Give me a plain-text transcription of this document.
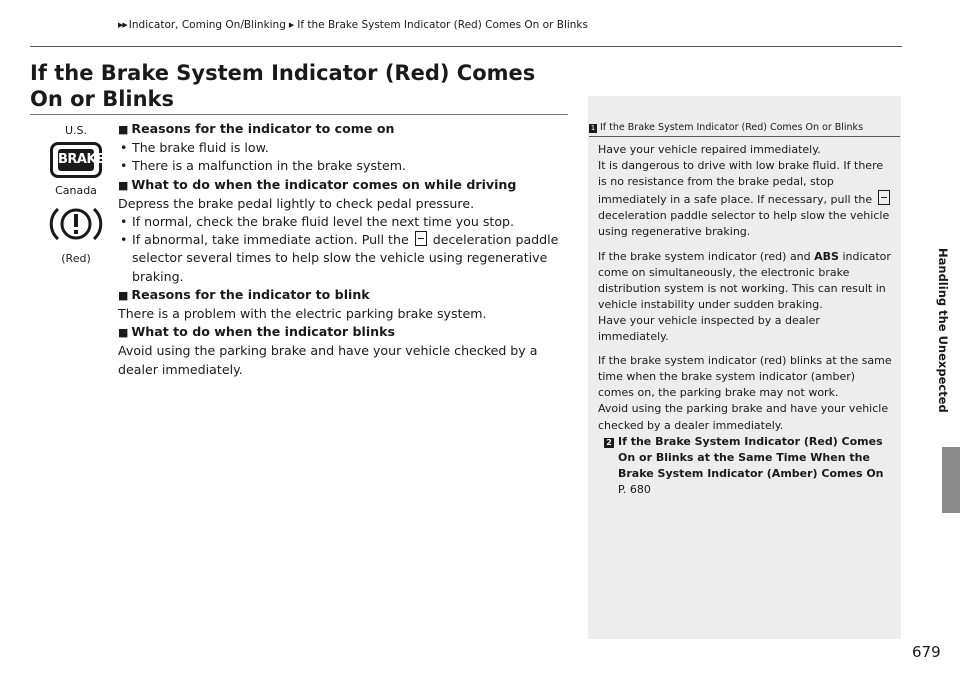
▶▶ Indicator, Coming On/Blinking ▶ If the Brake System Indicator (Red) Comes On or Blinks
If the Brake System Indicator (Red) Comes On or Blinks
U.S.
BRAKE
Canada
(Red)
■ Reasons for the indicator to come on

• The brake fluid is low.

• There is a malfunction in the brake system.

■ What to do when the indicator comes on while driving

Depress the brake pedal lightly to check pedal pressure.

• If normal, check the brake fluid level the next time you stop.

• If abnormal, take immediate action. Pull the deceleration paddle selector several times to help slow the vehicle using regenerative braking.

■ Reasons for the indicator to blink

There is a problem with the electric parking brake system.

■ What to do when the indicator blinks

Avoid using the parking brake and have your vehicle checked by a dealer immediately.

1 If the Brake System Indicator (Red) Comes On or Blinks

Have your vehicle repaired immediately.

It is dangerous to drive with low brake fluid. If there is no resistance from the brake pedal, stop immediately in a safe place. If necessary, pull the  deceleration paddle selector to help slow the vehicle using regenerative braking.

If the brake system indicator (red) and ABS indicator come on simultaneously, the electronic brake distribution system is not working. This can result in vehicle instability under sudden braking.

Have your vehicle inspected by a dealer immediately.

If the brake system indicator (red) blinks at the same time when the brake system indicator (amber) comes on, the parking brake may not work.

Avoid using the parking brake and have your vehicle checked by a dealer immediately.

2 If the Brake System Indicator (Red) Comes On or Blinks at the Same Time When the Brake System Indicator (Amber) Comes On

P. 680

Handling the Unexpected
679
